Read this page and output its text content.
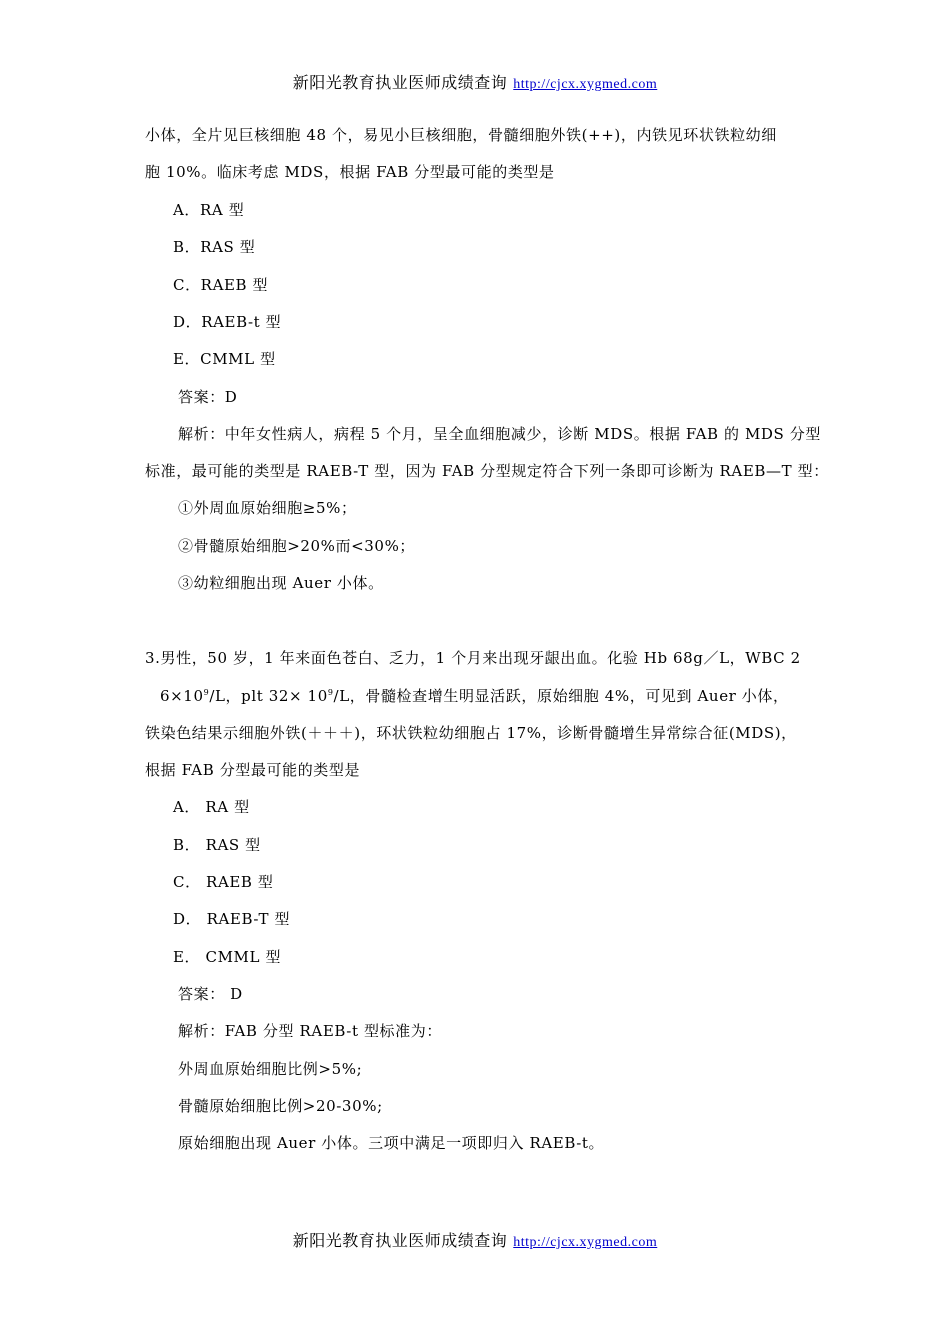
新阳光教育执业医师成绩查询 http://cjcx.xygmed.com
小体，全片见巨核细胞 48 个，易见小巨核细胞，骨髓细胞外铁(++)，内铁见环状铁粒幼细
胞 10%。临床考虑 MDS，根据 FAB 分型最可能的类型是
A．RA 型
B．RAS 型
C．RAEB 型
D．RAEB-t 型
E．CMML 型
答案：D
解析：中年女性病人，病程 5 个月，呈全血细胞减少，诊断 MDS。根据 FAB 的 MDS 分型
标准，最可能的类型是 RAEB-T 型，因为 FAB 分型规定符合下列一条即可诊断为 RAEB—T 型：
①外周血原始细胞≥5%；
②骨髓原始细胞>20%而<30%；
③幼粒细胞出现 Auer 小体。
3.男性，50 岁，1 年来面色苍白、乏力，1 个月来出现牙龈出血。化验 Hb 68g／L，WBC 2
$6\times 10^9/L$，plt $32\times 10^9/L$，骨髓检查增生明显活跃，原始细胞 4%，可见到 Auer 小体，
铁染色结果示细胞外铁(＋＋＋)，环状铁粒幼细胞占 17%，诊断骨髓增生异常综合征(MDS)，
根据 FAB 分型最可能的类型是
A． RA 型
B． RAS 型
C． RAEB 型
D． RAEB-T 型
E． CMML 型
答案： D
解析：FAB 分型 RAEB-t 型标准为：
外周血原始细胞比例>5%;
骨髓原始细胞比例>20-30%;
原始细胞出现 Auer 小体。三项中满足一项即归入 RAEB-t。
新阳光教育执业医师成绩查询 http://cjcx.xygmed.com
